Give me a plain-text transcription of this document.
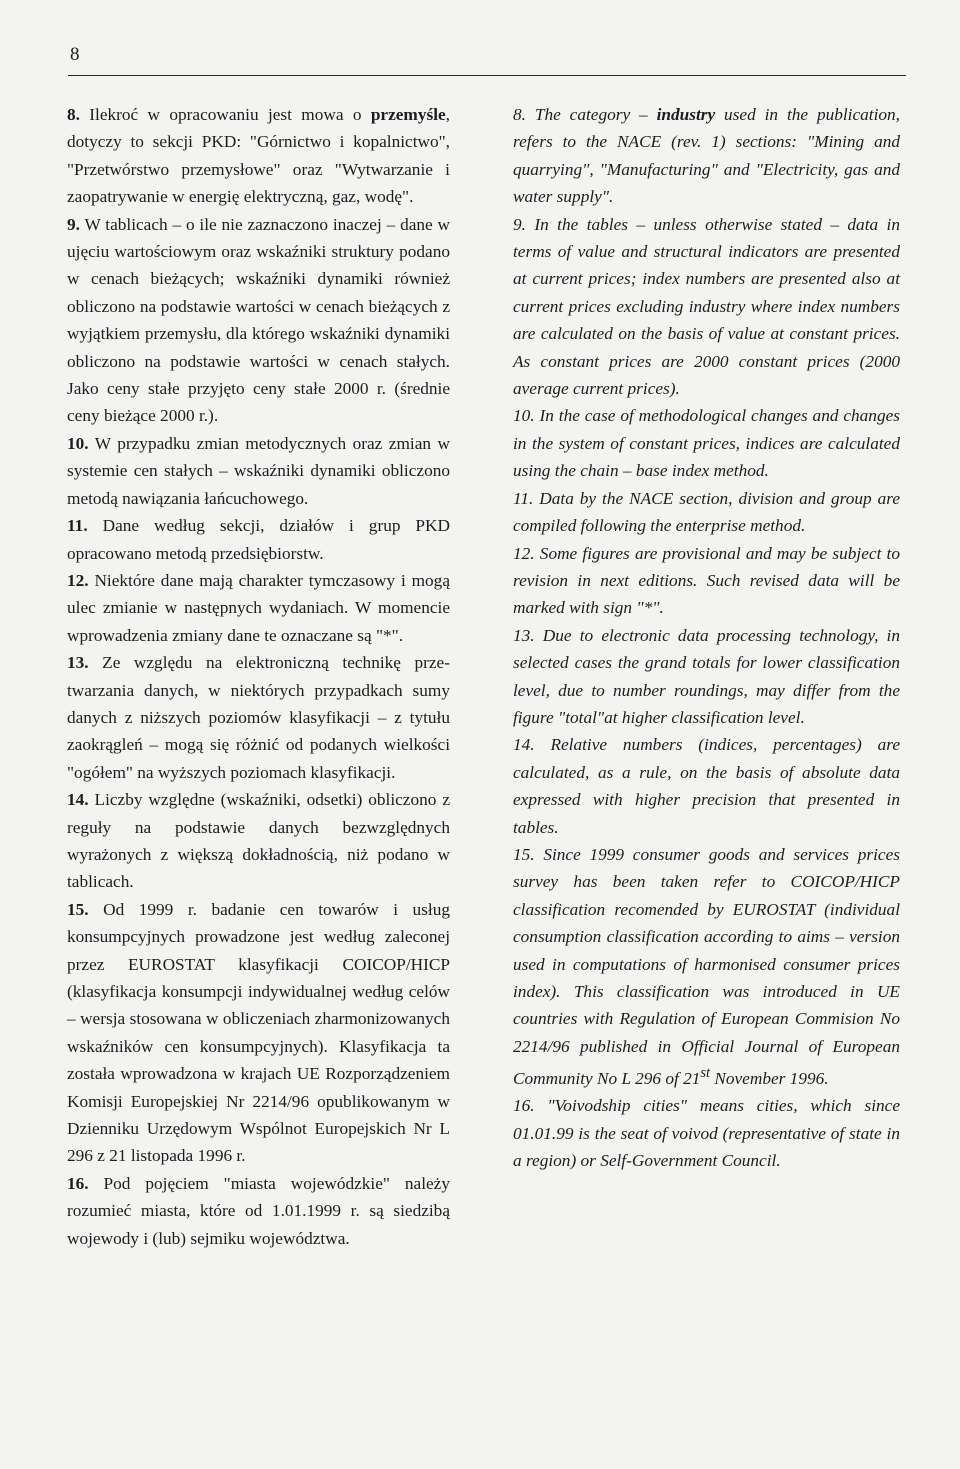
8

8. Ilekroć w opracowaniu jest mowa o przemyśle, dotyczy to sekcji PKD: "Górnictwo i kopalnictwo", "Przetwórstwo przemysłowe" oraz "Wytwarzanie i zaopatrywanie w energię elektryczną, gaz, wodę".

9. W tablicach – o ile nie zaznaczono inaczej – dane w ujęciu wartościowym oraz wskaźniki struktury podano w cenach bieżących; wskaźniki dynamiki również obliczono na podstawie wartości w cenach bieżących z wyjątkiem przemysłu, dla którego wskaźniki dynamiki obliczono na podstawie wartości w cenach stałych. Jako ceny stałe przyjęto ceny stałe 2000 r. (średnie ceny bieżące 2000 r.).

10. W przypadku zmian metodycznych oraz zmian w systemie cen stałych – wskaźniki dynamiki obliczono metodą nawiązania łańcuchowego.

11. Dane według sekcji, działów i grup PKD opracowano metodą przedsiębiorstw.

12. Niektóre dane mają charakter tymczasowy i mogą ulec zmianie w następnych wydaniach. W momencie wprowadzenia zmiany dane te oznaczane są "*".

13. Ze względu na elektroniczną technikę przetwarzania danych, w niektórych przypadkach sumy danych z niższych poziomów klasyfikacji – z tytułu zaokrągleń – mogą się różnić od podanych wielkości "ogółem" na wyższych poziomach klasyfikacji.

14. Liczby względne (wskaźniki, odsetki) obliczono z reguły na podstawie danych bezwzględnych wyrażonych z większą dokładnością, niż podano w tablicach.

15. Od 1999 r. badanie cen towarów i usług konsumpcyjnych prowadzone jest według zaleconej przez EUROSTAT klasyfikacji COICOP/HICP (klasyfikacja konsumpcji indywidualnej według celów – wersja stosowana w obliczeniach zharmonizowanych wskaźników cen konsumpcyjnych). Klasyfikacja ta została wprowadzona w krajach UE Rozporządzeniem Komisji Europejskiej Nr 2214/96 opublikowanym w Dzienniku Urzędowym Wspólnot Europejskich Nr L 296 z 21 listopada 1996 r.

16. Pod pojęciem "miasta wojewódzkie" należy rozumieć miasta, które od 1.01.1999 r. są siedzibą wojewody i (lub) sejmiku województwa.

8. The category – industry used in the publication, refers to the NACE (rev. 1) sections: "Mining and quarrying", "Manufacturing" and "Electricity, gas and water supply".

9. In the tables – unless otherwise stated – data in terms of value and structural indicators are presented at current prices; index numbers are presented also at current prices excluding industry where index numbers are calculated on the basis of value at constant prices. As constant prices are 2000 constant prices (2000 average current prices).

10. In the case of methodological changes and changes in the system of constant prices, indices are calculated using the chain – base index method.

11. Data by the NACE section, division and group are compiled following the enterprise method.

12. Some figures are provisional and may be subject to revision in next editions. Such revised data will be marked with sign "*".

13. Due to electronic data processing technology, in selected cases the grand totals for lower classification level, due to number roundings, may differ from the figure "total"at higher classification level.

14. Relative numbers (indices, percentages) are calculated, as a rule, on the basis of absolute data expressed with higher precision that presented in tables.

15. Since 1999 consumer goods and services prices survey has been taken refer to COICOP/HICP classification recomended by EUROSTAT (individual consumption classification according to aims – version used in computations of harmonised consumer prices index). This classification was introduced in UE countries with Regulation of European Commision No 2214/96 published in Official Journal of European Community No L 296 of 21st November 1996.

16. "Voivodship cities" means cities, which since 01.01.99 is the seat of voivod (representative of state in a region) or Self-Government Council.
